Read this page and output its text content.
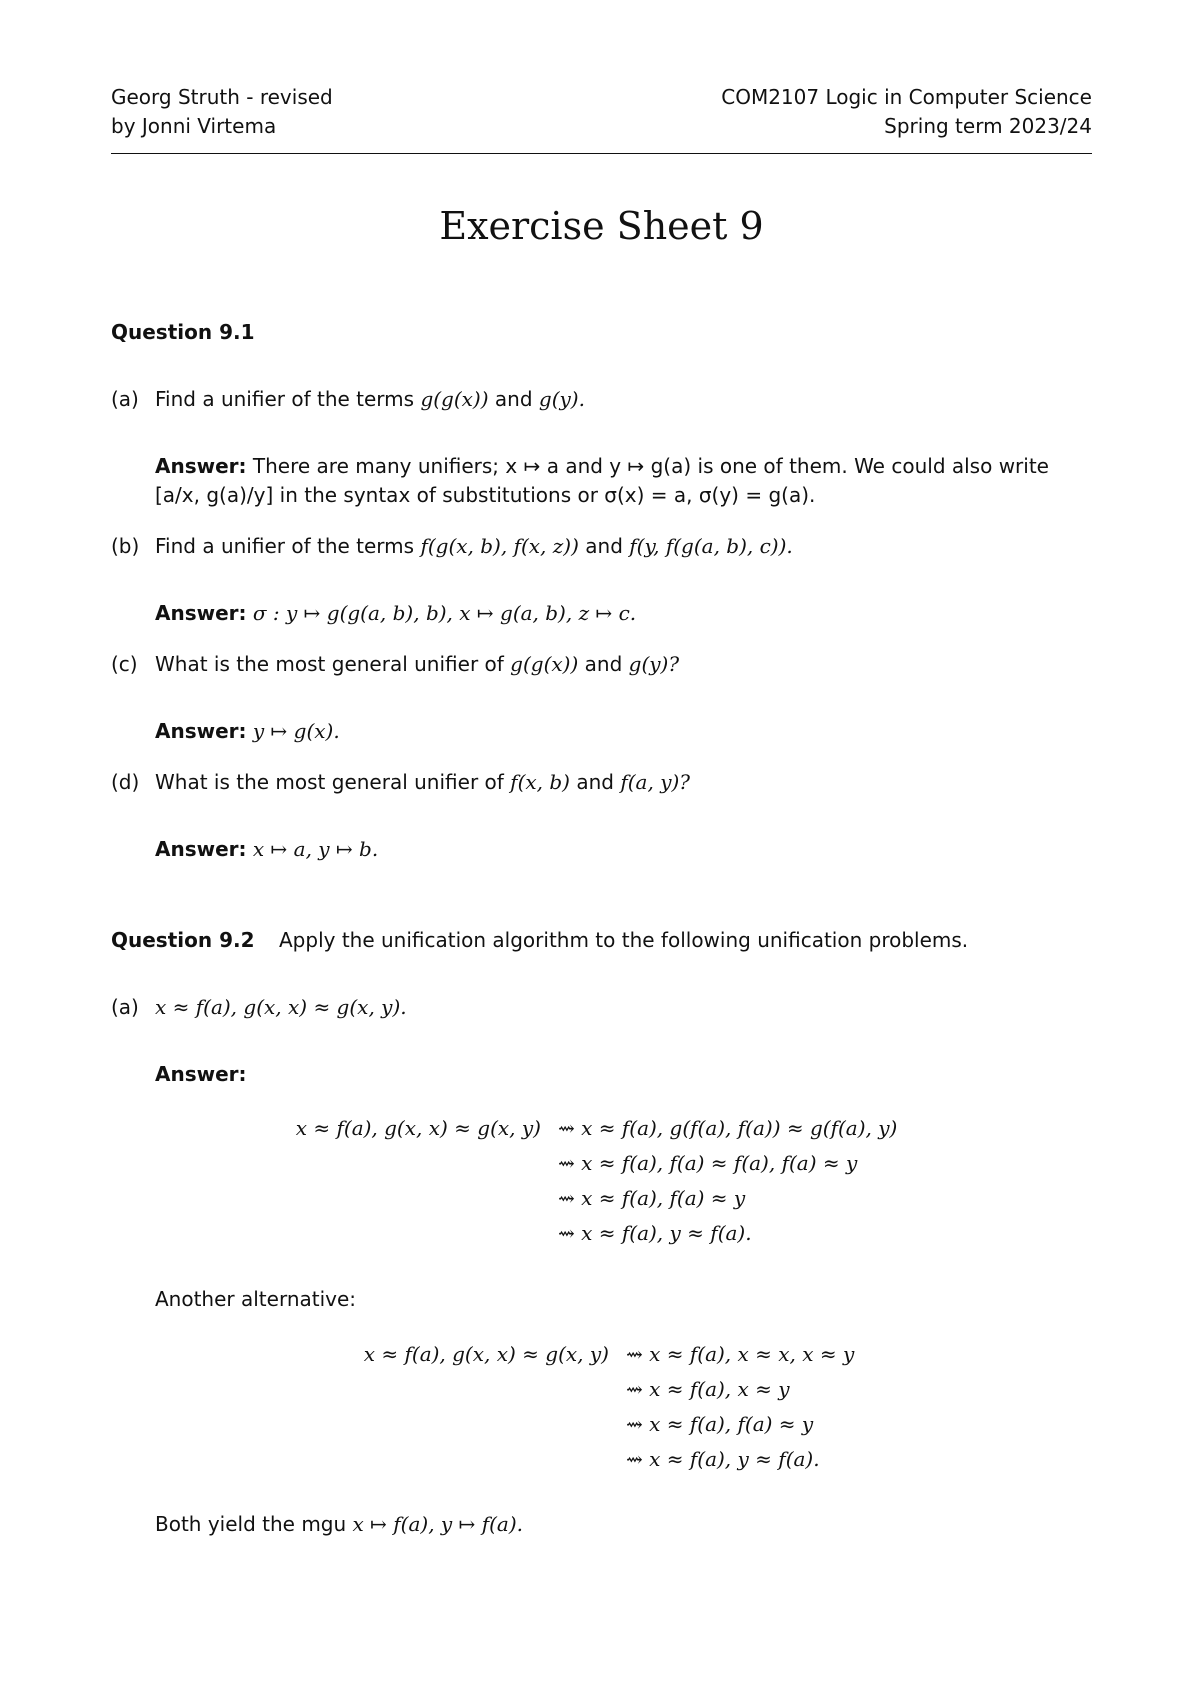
Georg Struth - revised
by Jonni Virtema
COM2107 Logic in Computer Science
Spring term 2023/24
Exercise Sheet 9
Question 9.1
(a) Find a unifier of the terms g(g(x)) and g(y).
Answer: There are many unifiers; x ↦ a and y ↦ g(a) is one of them. We could also write
[a/x, g(a)/y] in the syntax of substitutions or σ(x) = a, σ(y) = g(a).
(b) Find a unifier of the terms f(g(x, b), f(x, z)) and f(y, f(g(a, b), c)).
Answer: σ : y ↦ g(g(a, b), b), x ↦ g(a, b), z ↦ c.
(c) What is the most general unifier of g(g(x)) and g(y)?
Answer: y ↦ g(x).
(d) What is the most general unifier of f(x, b) and f(a, y)?
Answer: x ↦ a, y ↦ b.
Question 9.2 Apply the unification algorithm to the following unification problems.
(a) x ≈ f(a), g(x, x) ≈ g(x, y).
Answer:
x ≈ f(a), g(x, x) ≈ g(x, y) ⇝ x ≈ f(a), g(f(a), f(a)) ≈ g(f(a), y)
⇝ x ≈ f(a), f(a) ≈ f(a), f(a) ≈ y
⇝ x ≈ f(a), f(a) ≈ y
⇝ x ≈ f(a), y ≈ f(a).
Another alternative:
x ≈ f(a), g(x, x) ≈ g(x, y) ⇝ x ≈ f(a), x ≈ x, x ≈ y
⇝ x ≈ f(a), x ≈ y
⇝ x ≈ f(a), f(a) ≈ y
⇝ x ≈ f(a), y ≈ f(a).
Both yield the mgu x ↦ f(a), y ↦ f(a).
